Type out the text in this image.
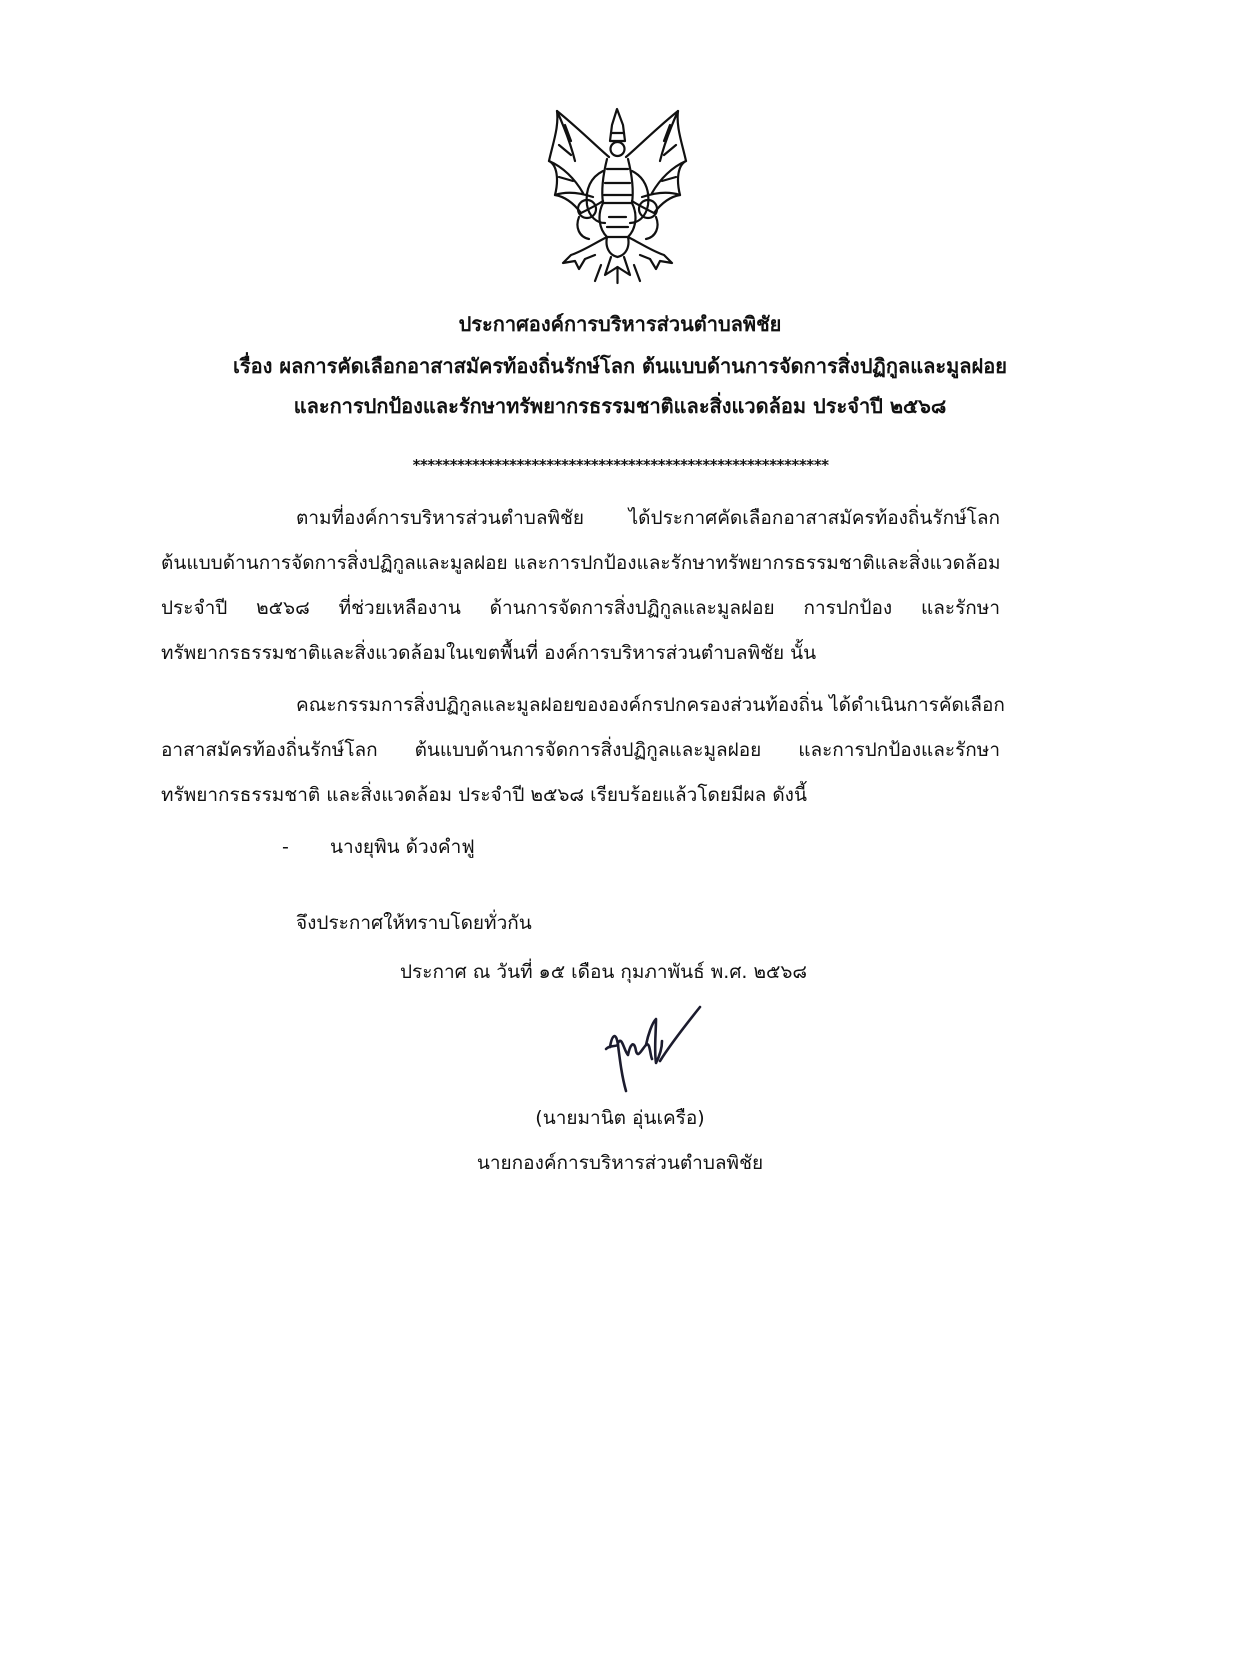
ประกาศองค์การบริหารส่วนตำบลพิชัย
เรื่อง ผลการคัดเลือกอาสาสมัครท้องถิ่นรักษ์โลก ต้นแบบด้านการจัดการสิ่งปฏิกูลและมูลฝอย
และการปกป้องและรักษาทรัพยากรธรรมชาติและสิ่งแวดล้อม ประจำปี ๒๕๖๘
********************************************************
ตามที่องค์การบริหารส่วนตำบลพิชัย ได้ประกาศคัดเลือกอาสาสมัครท้องถิ่นรักษ์โลก
ต้นแบบด้านการจัดการสิ่งปฏิกูลและมูลฝอย และการปกป้องและรักษาทรัพยากรธรรมชาติและสิ่งแวดล้อม
ประจำปี ๒๕๖๘ ที่ช่วยเหลืองาน ด้านการจัดการสิ่งปฏิกูลและมูลฝอย การปกป้อง และรักษา
ทรัพยากรธรรมชาติและสิ่งแวดล้อมในเขตพื้นที่ องค์การบริหารส่วนตำบลพิชัย นั้น
คณะกรรมการสิ่งปฏิกูลและมูลฝอยขององค์กรปกครองส่วนท้องถิ่น ได้ดำเนินการคัดเลือก
อาสาสมัครท้องถิ่นรักษ์โลก ต้นแบบด้านการจัดการสิ่งปฏิกูลและมูลฝอย และการปกป้องและรักษา
ทรัพยากรธรรมชาติ และสิ่งแวดล้อม ประจำปี ๒๕๖๘ เรียบร้อยแล้วโดยมีผล ดังนี้
- นางยุพิน ด้วงคำฟู
จึงประกาศให้ทราบโดยทั่วกัน
ประกาศ ณ วันที่ ๑๕ เดือน กุมภาพันธ์ พ.ศ. ๒๕๖๘
(นายมานิต อุ่นเครือ)
นายกองค์การบริหารส่วนตำบลพิชัย
